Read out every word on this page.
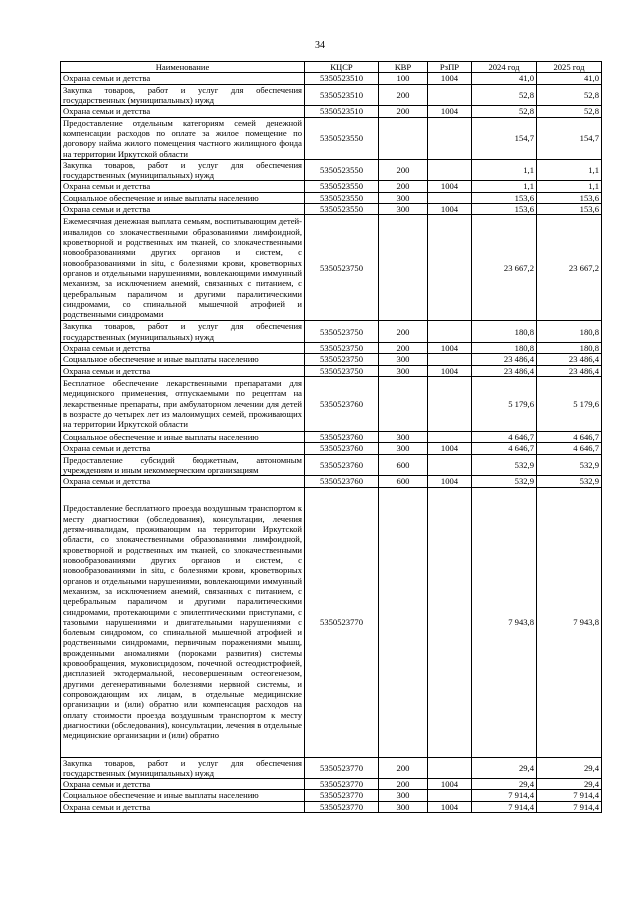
34
Наименование	КЦСР	КВР	РзПР	2024 год	2025 год
Охрана семьи и детства	5350523510	100	1004	41,0	41,0
Закупка товаров, работ и услуг для обеспечения государственных (муниципальных) нужд	5350523510	200		52,8	52,8
Охрана семьи и детства	5350523510	200	1004	52,8	52,8
Предоставление отдельным категориям семей денежной компенсации расходов по оплате за жилое помещение по договору найма жилого помещения частного жилищного фонда на территории Иркутской области	5350523550			154,7	154,7
Закупка товаров, работ и услуг для обеспечения государственных (муниципальных) нужд	5350523550	200		1,1	1,1
Охрана семьи и детства	5350523550	200	1004	1,1	1,1
Социальное обеспечение и иные выплаты населению	5350523550	300		153,6	153,6
Охрана семьи и детства	5350523550	300	1004	153,6	153,6
Ежемесячная денежная выплата семьям, воспитывающим детей-инвалидов со злокачественными образованиями лимфоидной, кроветворной и родственных им тканей, со злокачественными новообразованиями других органов и систем, с новообразованиями in situ, с болезнями крови, кроветворных органов и отдельными нарушениями, вовлекающими иммунный механизм, за исключением анемий, связанных с питанием, с церебральным параличом и другими паралитическими синдромами, со спинальной мышечной атрофией и родственными синдромами	5350523750			23 667,2	23 667,2
Закупка товаров, работ и услуг для обеспечения государственных (муниципальных) нужд	5350523750	200		180,8	180,8
Охрана семьи и детства	5350523750	200	1004	180,8	180,8
Социальное обеспечение и иные выплаты населению	5350523750	300		23 486,4	23 486,4
Охрана семьи и детства	5350523750	300	1004	23 486,4	23 486,4
Бесплатное обеспечение лекарственными препаратами для медицинского применения, отпускаемыми по рецептам на лекарственные препараты, при амбулаторном лечении для детей в возрасте до четырех лет из малоимущих семей, проживающих на территории Иркутской области	5350523760			5 179,6	5 179,6
Социальное обеспечение и иные выплаты населению	5350523760	300		4 646,7	4 646,7
Охрана семьи и детства	5350523760	300	1004	4 646,7	4 646,7
Предоставление субсидий бюджетным, автономным учреждениям и иным некоммерческим организациям	5350523760	600		532,9	532,9
Охрана семьи и детства	5350523760	600	1004	532,9	532,9
Предоставление бесплатного проезда воздушным транспортом к месту диагностики (обследования), консультации, лечения детям-инвалидам, проживающим на территории Иркутской области, со злокачественными образованиями лимфоидной, кроветворной и родственных им тканей, со злокачественными новообразованиями других органов и систем, с новообразованиями in situ, с болезнями крови, кроветворных органов и отдельными нарушениями, вовлекающими иммунный механизм, за исключением анемий, связанных с питанием, с церебральным параличом и другими паралитическими синдромами, протекающими с эпилептическими приступами, с тазовыми нарушениями и двигательными нарушениями с болевым синдромом, со спинальной мышечной атрофией и родственными синдромами, первичным поражениями мышц, врожденными аномалиями (пороками развития) системы кровообращения, муковисцидозом, почечной остеодистрофией, дисплазией эктодермальной, несовершенным остеогенезом, другими дегенеративными болезнями нервной системы, и сопровождающим их лицам, в отдельные медицинские организации и (или) обратно или компенсация расходов на оплату стоимости проезда воздушным транспортом к месту диагностики (обследования), консультации, лечения в отдельные медицинские организации и (или) обратно	5350523770			7 943,8	7 943,8
Закупка товаров, работ и услуг для обеспечения государственных (муниципальных) нужд	5350523770	200		29,4	29,4
Охрана семьи и детства	5350523770	200	1004	29,4	29,4
Социальное обеспечение и иные выплаты населению	5350523770	300		7 914,4	7 914,4
Охрана семьи и детства	5350523770	300	1004	7 914,4	7 914,4
